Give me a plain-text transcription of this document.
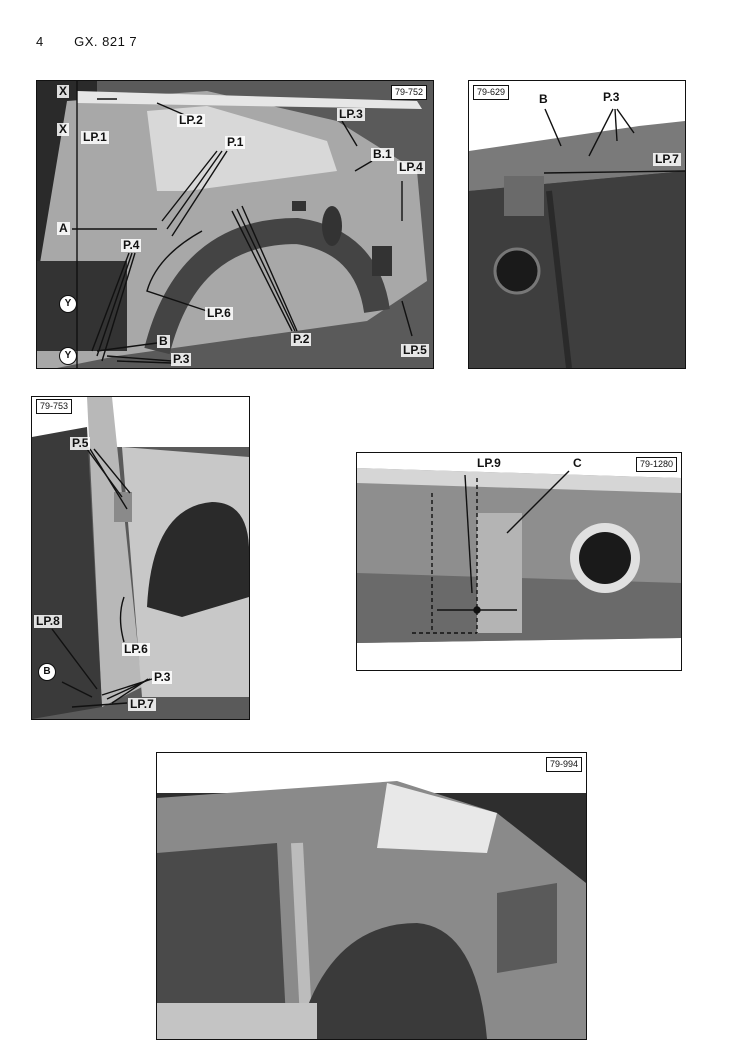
4 GX. 821 7
79-752
X
X
LP.1
LP.2	LP.3
P.1
B.1
LP.4
A
P.4
Y
Y
LP.6
B
P.3
P.2
LP.5
79-629	B	P.3
LP.7
79-753
P.5
LP.8
LP.6
B	P.3
LP.7
79-1280
LP.9	C
79-994
